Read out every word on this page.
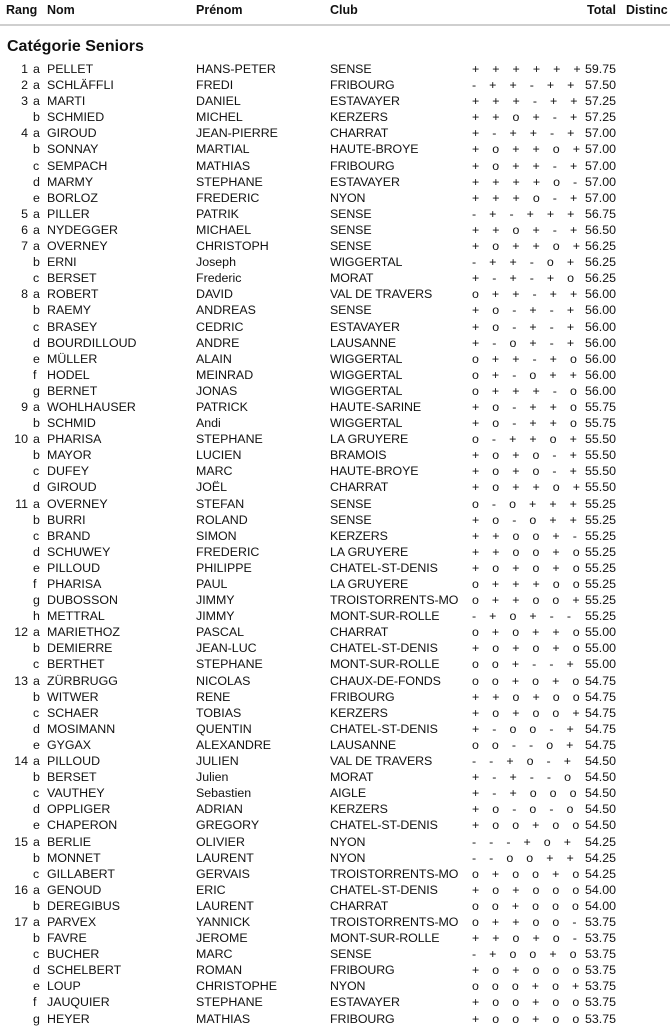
Rang Nom	Prénom	Club	Total Distinc
Catégorie Seniors
1 a PELLET	HANS-PETER	SENSE	+ + + + + + 59.75
2 a SCHLÄFFLI	FREDI	FRIBOURG	- + + - + + 57.50
3 a MARTI	DANIEL	ESTAVAYER	+ + + - + + 57.25
b SCHMIED	MICHEL	KERZERS	+ + o + - + 57.25
4 a GIROUD	JEAN-PIERRE	CHARRAT	+ - + + - + 57.00
b SONNAY	MARTIAL	HAUTE-BROYE	+ o + + o + 57.00
c SEMPACH	MATHIAS	FRIBOURG	+ o + + - + 57.00
d MARMY	STEPHANE	ESTAVAYER	+ + + + o - 57.00
e BORLOZ	FREDERIC	NYON	+ + + o - + 57.00
5 a PILLER	PATRIK	SENSE	- + - + + + 56.75
6 a NYDEGGER	MICHAEL	SENSE	+ + o + - + 56.50
7 a OVERNEY	CHRISTOPH	SENSE	+ o + + o + 56.25
b ERNI	Joseph	WIGGERTAL	- + + - o + 56.25
c BERSET	Frederic	MORAT	+ - + - + o 56.25
8 a ROBERT	DAVID	VAL DE TRAVERS	o + + - + + 56.00
b RAEMY	ANDREAS	SENSE	+ o - + - + 56.00
c BRASEY	CEDRIC	ESTAVAYER	+ o - + - + 56.00
d BOURDILLOUD	ANDRE	LAUSANNE	+ - o + - + 56.00
e MÜLLER	ALAIN	WIGGERTAL	o + + - + o 56.00
f HODEL	MEINRAD	WIGGERTAL	o + - o + + 56.00
g BERNET	JONAS	WIGGERTAL	o + + + - o 56.00
9 a WOHLHAUSER	PATRICK	HAUTE-SARINE	+ o - + + o 55.75
b SCHMID	Andi	WIGGERTAL	+ o - + + o 55.75
10 a PHARISA	STEPHANE	LA GRUYERE	o - + + o + 55.50
b MAYOR	LUCIEN	BRAMOIS	+ o + o - + 55.50
c DUFEY	MARC	HAUTE-BROYE	+ o + o - + 55.50
d GIROUD	JOËL	CHARRAT	+ o + + o + 55.50
11 a OVERNEY	STEFAN	SENSE	o - o + + + 55.25
b BURRI	ROLAND	SENSE	+ o - o + + 55.25
c BRAND	SIMON	KERZERS	+ + o o + - 55.25
d SCHUWEY	FREDERIC	LA GRUYERE	+ + o o + o 55.25
e PILLOUD	PHILIPPE	CHATEL-ST-DENIS	+ o + o + o 55.25
f PHARISA	PAUL	LA GRUYERE	o + + + o o 55.25
g DUBOSSON	JIMMY	TROISTORRENTS-MO o + + o o + 55.25
h METTRAL	JIMMY	MONT-SUR-ROLLE	- + o + - - 55.25
12 a MARIETHOZ	PASCAL	CHARRAT	o + o + + o 55.00
b DEMIERRE	JEAN-LUC	CHATEL-ST-DENIS	+ o + o + o 55.00
c BERTHET	STEPHANE	MONT-SUR-ROLLE	o o + - - + 55.00
13 a ZÜRBRUGG	NICOLAS	CHAUX-DE-FONDS	o o + o + o 54.75
b WITWER	RENE	FRIBOURG	+ + o + o o 54.75
c SCHAER	TOBIAS	KERZERS	+ o + o o + 54.75
d MOSIMANN	QUENTIN	CHATEL-ST-DENIS	+ - o o - + 54.75
e GYGAX	ALEXANDRE	LAUSANNE	o o - - o + 54.75
14 a PILLOUD	JULIEN	VAL DE TRAVERS	- - + o - + 54.50
b BERSET	Julien	MORAT	+ - + - - o 54.50
c VAUTHEY	Sebastien	AIGLE	+ - + o o o 54.50
d OPPLIGER	ADRIAN	KERZERS	+ o - o - o 54.50
e CHAPERON	GREGORY	CHATEL-ST-DENIS	+ o o + o o 54.50
15 a BERLIE	OLIVIER	NYON	- - - + o + 54.25
b MONNET	LAURENT	NYON	- - o o + + 54.25
c GILLABERT	GERVAIS	TROISTORRENTS-MO o + o o + o 54.25
16 a GENOUD	ERIC	CHATEL-ST-DENIS	+ o + o o o 54.00
b DEREGIBUS	LAURENT	CHARRAT	o o + o o o 54.00
17 a PARVEX	YANNICK	TROISTORRENTS-MO o + + o o - 53.75
b FAVRE	JEROME	MONT-SUR-ROLLE	+ + o + o - 53.75
c BUCHER	MARC	SENSE	- + o o + o 53.75
d SCHELBERT	ROMAN	FRIBOURG	+ o + o o o 53.75
e LOUP	CHRISTOPHE	NYON	o o o + o + 53.75
f JAUQUIER	STEPHANE	ESTAVAYER	+ o o + o o 53.75
g HEYER	MATHIAS	FRIBOURG	+ o o + o o 53.75
